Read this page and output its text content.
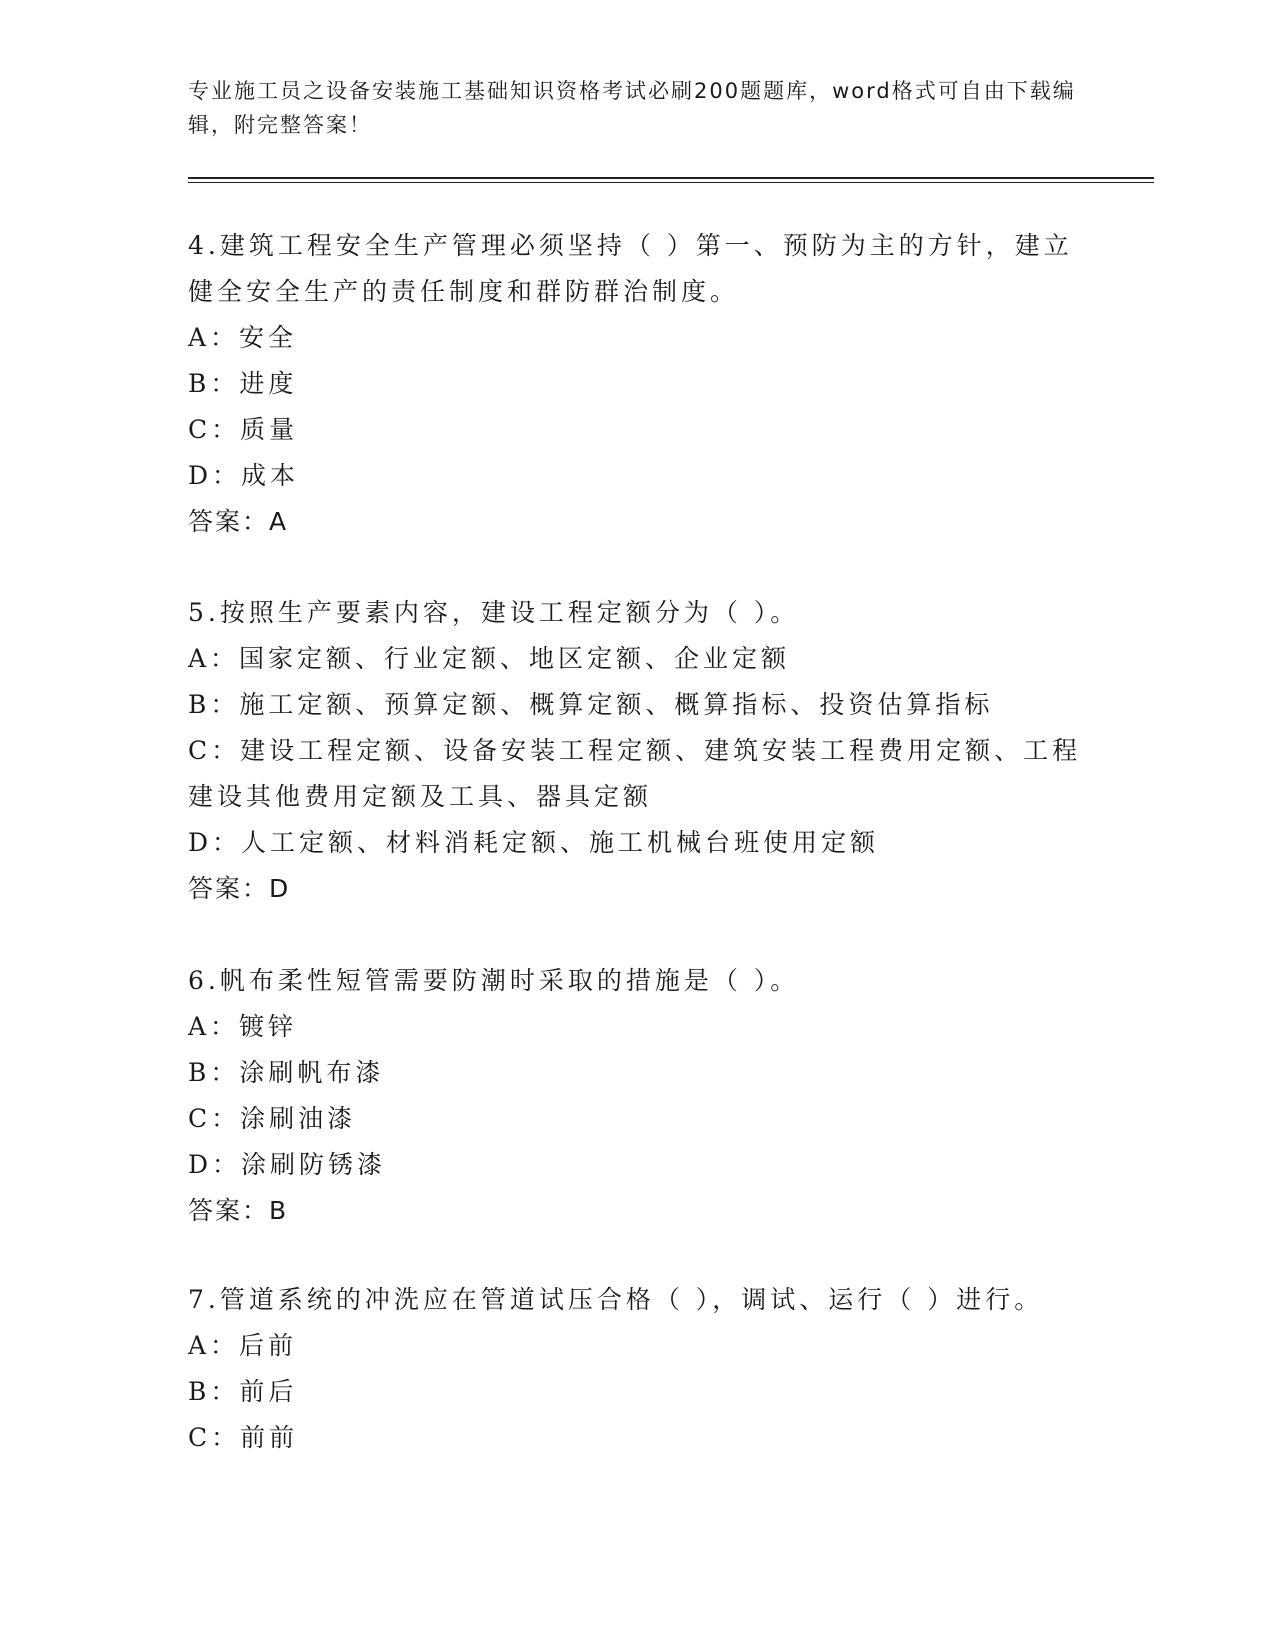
专业施工员之设备安装施工基础知识资格考试必刷200题题库，word格式可自由下载编辑，附完整答案！
4.建筑工程安全生产管理必须坚持（ ）第一、预防为主的方针，建立健全安全生产的责任制度和群防群治制度。
A：安全
B：进度
C：质量
D：成本
答案：A
5.按照生产要素内容，建设工程定额分为（ ）。
A：国家定额、行业定额、地区定额、企业定额
B：施工定额、预算定额、概算定额、概算指标、投资估算指标
C：建设工程定额、设备安装工程定额、建筑安装工程费用定额、工程建设其他费用定额及工具、器具定额
D：人工定额、材料消耗定额、施工机械台班使用定额
答案：D
6.帆布柔性短管需要防潮时采取的措施是（ ）。
A：镀锌
B：涂刷帆布漆
C：涂刷油漆
D：涂刷防锈漆
答案：B
7.管道系统的冲洗应在管道试压合格（ ），调试、运行（ ）进行。
A：后前
B：前后
C：前前
